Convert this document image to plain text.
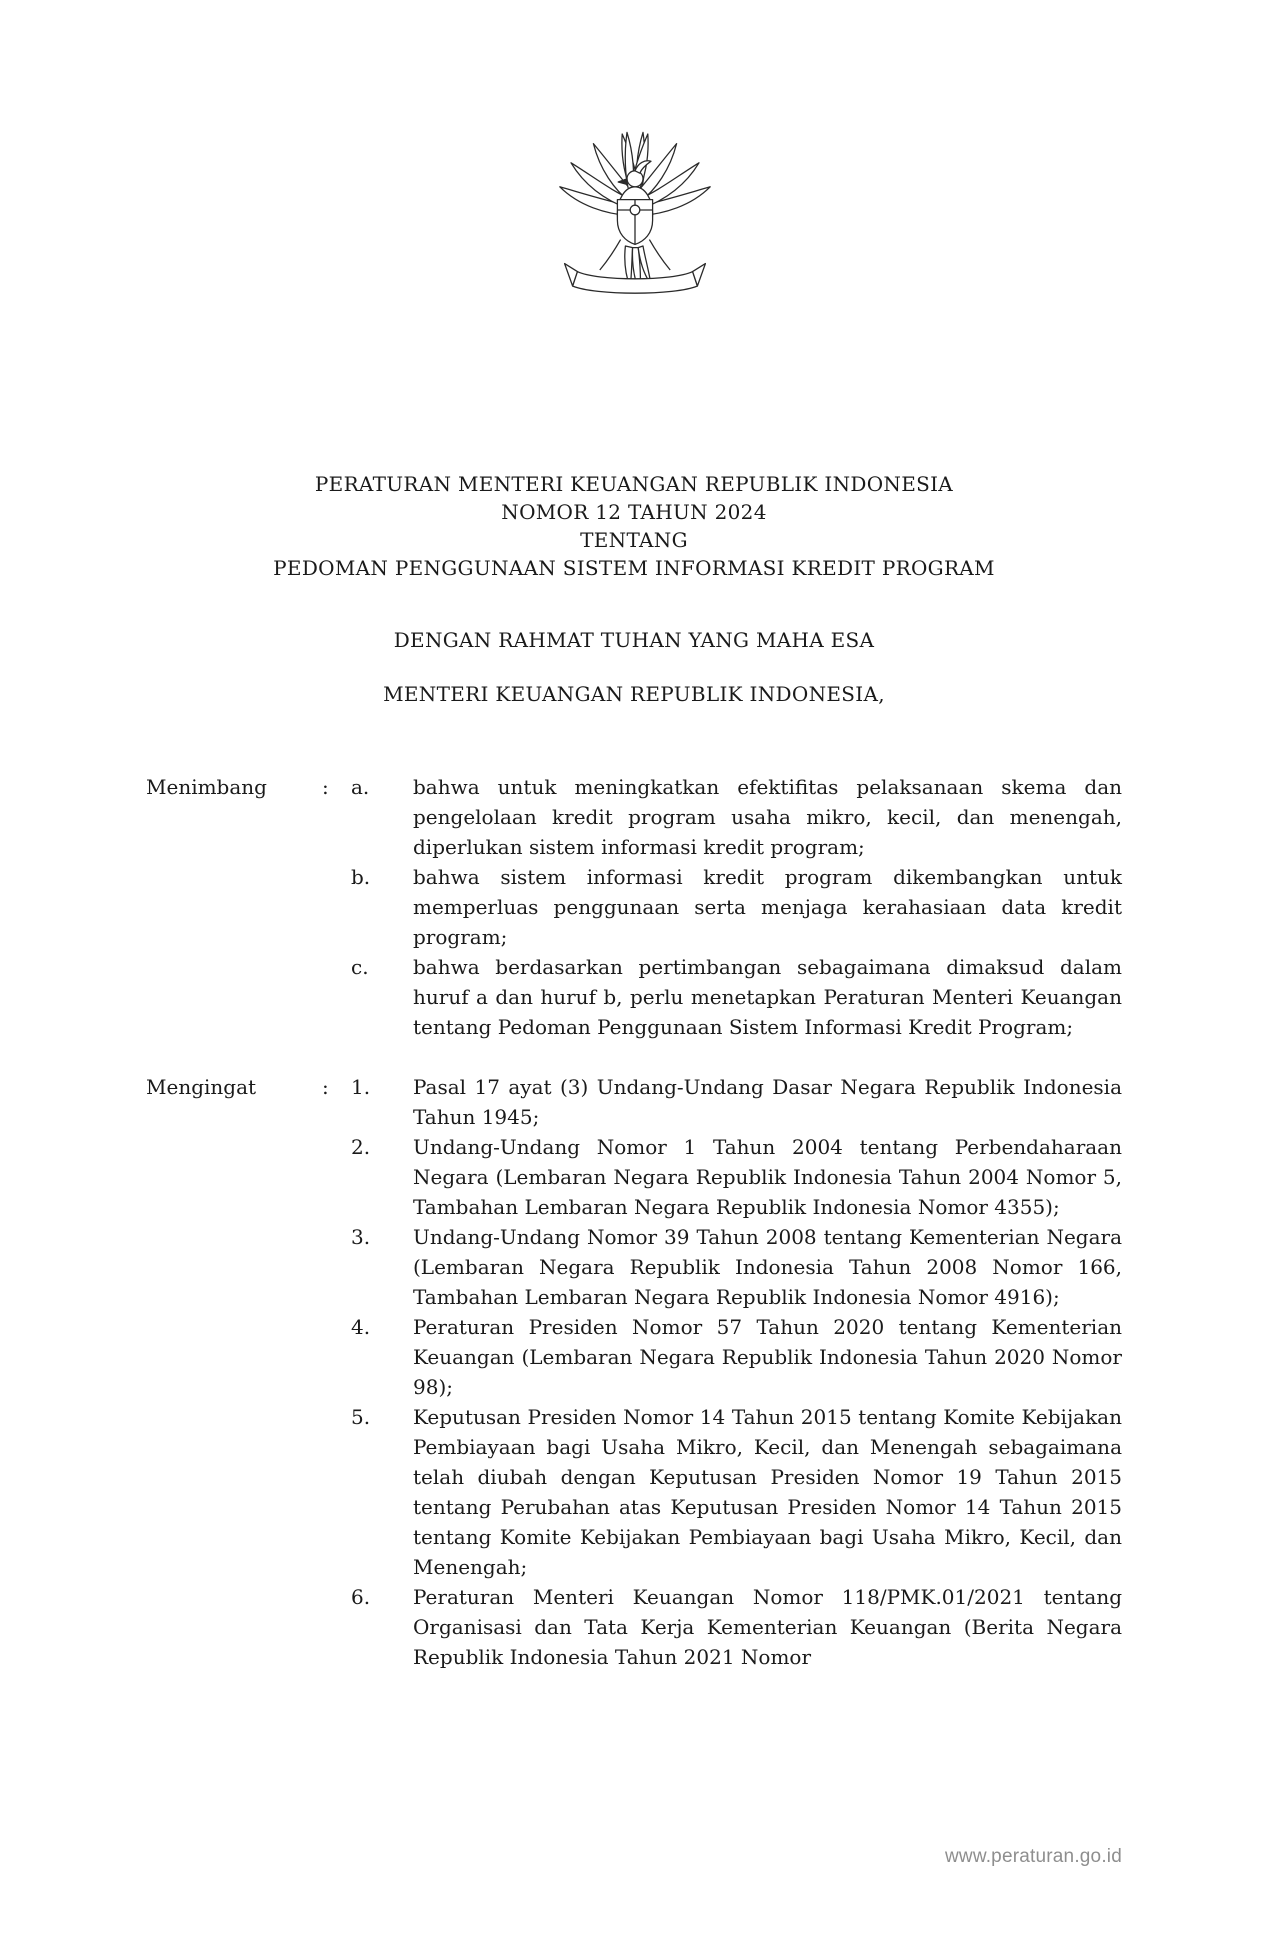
PERATURAN MENTERI KEUANGAN REPUBLIK INDONESIA
NOMOR 12 TAHUN 2024
TENTANG
PEDOMAN PENGGUNAAN SISTEM INFORMASI KREDIT PROGRAM
DENGAN RAHMAT TUHAN YANG MAHA ESA
MENTERI KEUANGAN REPUBLIK INDONESIA,
Menimbang	:	a.	bahwa untuk meningkatkan efektifitas pelaksanaan skema dan pengelolaan kredit program usaha mikro, kecil, dan menengah, diperlukan sistem informasi kredit program;
b.	bahwa sistem informasi kredit program dikembangkan untuk memperluas penggunaan serta menjaga kerahasiaan data kredit program;
c.	bahwa berdasarkan pertimbangan sebagaimana dimaksud dalam huruf a dan huruf b, perlu menetapkan Peraturan Menteri Keuangan tentang Pedoman Penggunaan Sistem Informasi Kredit Program;
Mengingat	:	1.	Pasal 17 ayat (3) Undang-Undang Dasar Negara Republik Indonesia Tahun 1945;
2.	Undang-Undang Nomor 1 Tahun 2004 tentang Perbendaharaan Negara (Lembaran Negara Republik Indonesia Tahun 2004 Nomor 5, Tambahan Lembaran Negara Republik Indonesia Nomor 4355);
3.	Undang-Undang Nomor 39 Tahun 2008 tentang Kementerian Negara (Lembaran Negara Republik Indonesia Tahun 2008 Nomor 166, Tambahan Lembaran Negara Republik Indonesia Nomor 4916);
4.	Peraturan Presiden Nomor 57 Tahun 2020 tentang Kementerian Keuangan (Lembaran Negara Republik Indonesia Tahun 2020 Nomor 98);
5.	Keputusan Presiden Nomor 14 Tahun 2015 tentang Komite Kebijakan Pembiayaan bagi Usaha Mikro, Kecil, dan Menengah sebagaimana telah diubah dengan Keputusan Presiden Nomor 19 Tahun 2015 tentang Perubahan atas Keputusan Presiden Nomor 14 Tahun 2015 tentang Komite Kebijakan Pembiayaan bagi Usaha Mikro, Kecil, dan Menengah;
6.	Peraturan Menteri Keuangan Nomor 118/PMK.01/2021 tentang Organisasi dan Tata Kerja Kementerian Keuangan (Berita Negara Republik Indonesia Tahun 2021 Nomor
www.peraturan.go.id
